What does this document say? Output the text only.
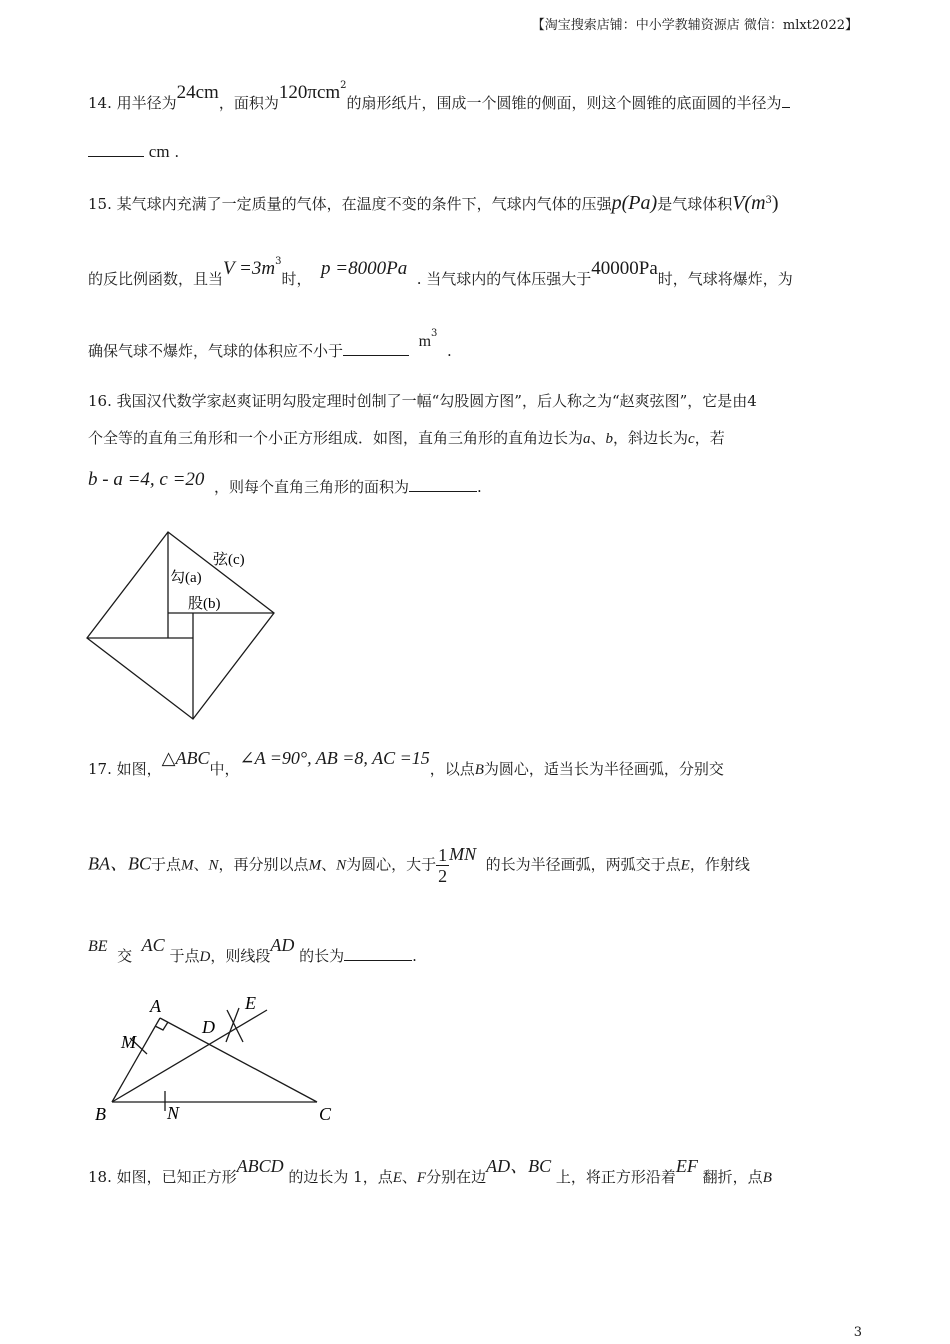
【淘宝搜索店铺：中小学教辅资源店 微信：mlxt2022】
14. 用半径为24cm，面积为120πcm$^2$的扇形纸片，围成一个圆锥的侧面，则这个圆锥的底面圆的半径为
cm .
15. 某气球内充满了一定质量的气体，在温度不变的条件下，气球内气体的压强p(Pa)是气球体积$V(m^3)$
的反比例函数，且当$V =3m^3$时， p =8000Pa . 当气球内的气体压强大于40000Pa时，气球将爆炸，为
确保气球不爆炸，气球的体积应不小于  $m^3$  .
16. 我国汉代数学家赵爽证明勾股定理时创制了一幅“勾股圆方图”，后人称之为“赵爽弦图”，它是由4
个全等的直角三角形和一个小正方形组成．如图，直角三角形的直角边长为a、b，斜边长为c，若
b - a =4, c =20 ，则每个直角三角形的面积为	.
弦(c)
勾(a)
股(b)
17. 如图，△ABC中，∠A =90°, AB =8, AC =15，以点B为圆心，适当长为半径画弧，分别交
BA、BC于点M、N，再分别以点M、N为圆心，大于 $\frac{1}{2}MN$  的长为半径画弧，两弧交于点E，作射线
BE  交  AC 于点D，则线段AD 的长为	.
A
B	C
D
E
M
N
18. 如图，已知正方形ABCD 的边长为 1，点E、F分别在边AD、BC 上，将正方形沿着EF 翻折，点B
3
